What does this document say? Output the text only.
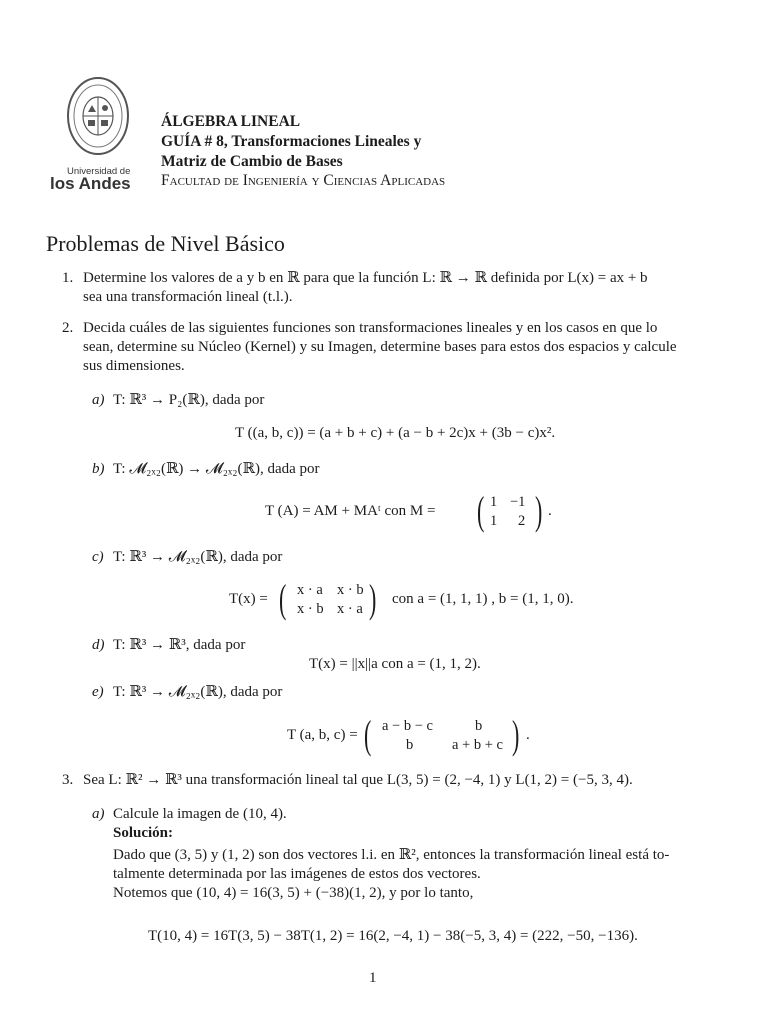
Universidad de
los Andes
ÁLGEBRA LINEAL
GUÍA # 8, Transformaciones Lineales y
Matriz de Cambio de Bases
Facultad de Ingeniería y Ciencias Aplicadas
Problemas de Nivel Básico
1. Determine los valores de a y b en ℝ para que la función L: ℝ → ℝ definida por L(x) = ax + b
sea una transformación lineal (t.l.).
2. Decida cuáles de las siguientes funciones son transformaciones lineales y en los casos en que lo
sean, determine su Núcleo (Kernel) y su Imagen, determine bases para estos dos espacios y calcule
sus dimensiones.
a) T: ℝ³ → P₂(ℝ), dada por
T ((a, b, c)) = (a + b + c) + (a − b + 2c)x + (3b − c)x².
b) T: 𝓜₂ₓ₂(ℝ) → 𝓜₂ₓ₂(ℝ), dada por
T (A) = AM + MAᵗ con M = ( 1 −1
1 2 ) .
c) T: ℝ³ → 𝓜₂ₓ₂(ℝ), dada por
T(x) = ( x · a x · b
x · b x · a ) con a = (1, 1, 1) , b = (1, 1, 0).
d) T: ℝ³ → ℝ³, dada por
T(x) = ||x||a con a = (1, 1, 2).
e) T: ℝ³ → 𝓜₂ₓ₂(ℝ), dada por
T (a, b, c) = ( a − b − c	b
b	a + b + c ) .
3. Sea L: ℝ² → ℝ³ una transformación lineal tal que L(3, 5) = (2, −4, 1) y L(1, 2) = (−5, 3, 4).
a) Calcule la imagen de (10, 4).
Solución:
Dado que (3, 5) y (1, 2) son dos vectores l.i. en ℝ², entonces la transformación lineal está to-
talmente determinada por las imágenes de estos dos vectores.
Notemos que (10, 4) = 16(3, 5) + (−38)(1, 2), y por lo tanto,
T(10, 4) = 16T(3, 5) − 38T(1, 2) = 16(2, −4, 1) − 38(−5, 3, 4) = (222, −50, −136).
1
